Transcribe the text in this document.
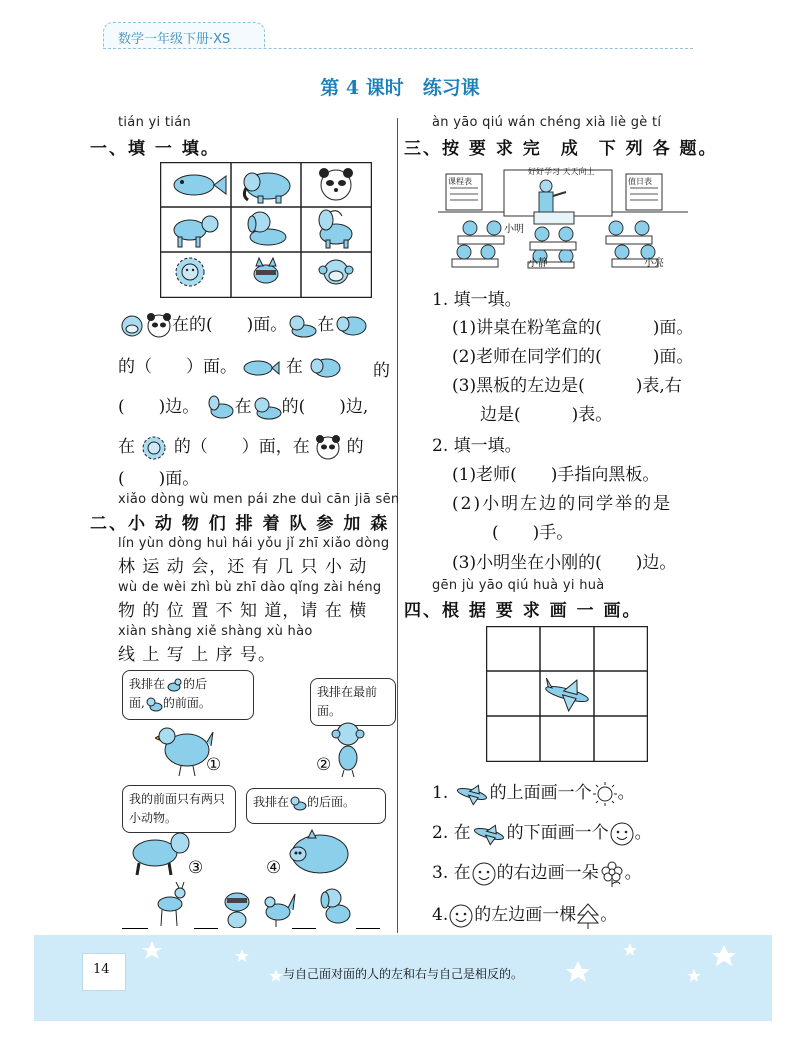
数学一年级下册·XS
第 4 课时　练习课
tián yi tián
一、填 一 填。
在的(　　)面。 在
的（　　）面。	在	的
(　　)边。 在 的(　　)边,
在 的（　　）面，在 的
(　　)面。
xiǎo dòng wù men pái zhe duì cān jiā sēn
二、小 动 物 们 排 着 队 参 加 森
lín yùn dòng huì hái yǒu jǐ zhī xiǎo dòng
林 运 动 会，还 有 几 只 小 动
wù de wèi zhì bù zhī dào qǐng zài héng
物 的 位 置 不 知 道，请 在 横
xiàn shàng xiě shàng xù hào
线 上 写 上 序 号。
我排在 的后
面, 的前面。
我排在最前面。
①	②
我的前面只有两只小动物。
我排在 的后面。
③	④
àn yāo qiú wán chéng xià liè gè tí
三、按 要 求 完　成　下 列 各 题。
好好学习 天天向上
课程表	值日表
小明
小静	小亮
1. 填一填。
(1)讲桌在粉笔盒的(　　　)面。
(2)老师在同学们的(　　　)面。
(3)黑板的左边是(　　　)表,右
边是(　　　)表。
2. 填一填。
(1)老师(　　)手指向黑板。
(2)小明左边的同学举的是
(　　)手。
(3)小明坐在小刚的(　　)边。
gēn jù yāo qiú huà yi huà
四、根 据 要 求 画 一 画。
1. 的上面画一个 。
2. 在 的下面画一个 。
3. 在 的右边画一朵 。
4. 的左边画一棵 。
14	与自己面对面的人的左和右与自己是相反的。
